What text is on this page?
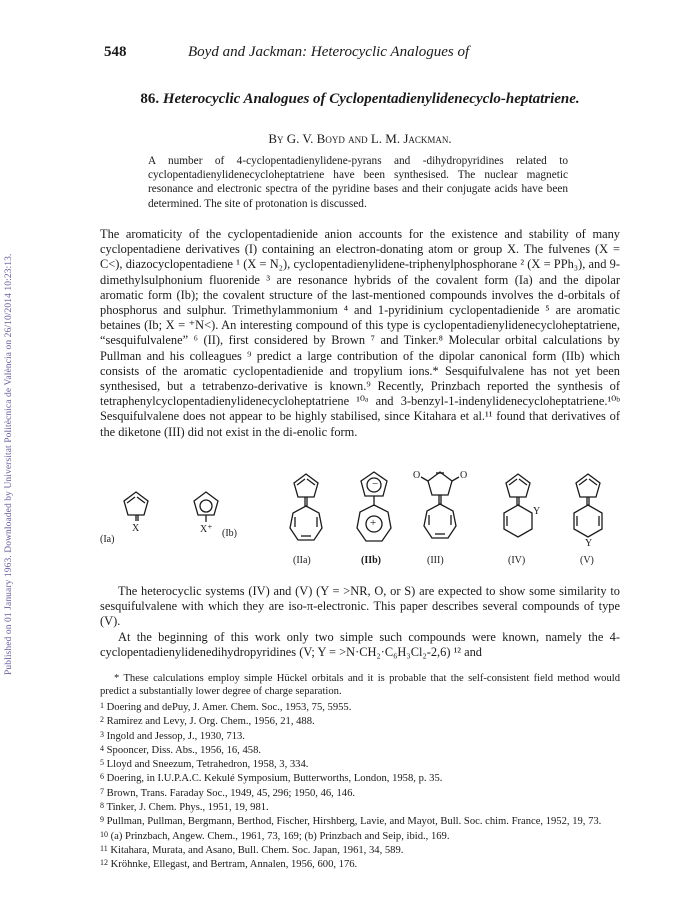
Published on 01 January 1963. Downloaded by Universitat Politècnica de València on 26/10/2014 10:23:13.
548	Boyd and Jackman: Heterocyclic Analogues of
86. Heterocyclic Analogues of Cyclopentadienylidenecyclo-heptatriene.
By G. V. Boyd and L. M. Jackman.
A number of 4-cyclopentadienylidene-pyrans and -dihydropyridines related to cyclopentadienylidenecycloheptatriene have been synthesised. The nuclear magnetic resonance and electronic spectra of the pyridine bases and their conjugate acids have been determined. The site of protonation is discussed.
The aromaticity of the cyclopentadienide anion accounts for the existence and stability of many cyclopentadiene derivatives (I) containing an electron-donating atom or group X. The fulvenes (X = C<), diazocyclopentadiene ¹ (X = N₂), cyclopentadienylidene-triphenylphosphorane ² (X = PPh₃), and 9-dimethylsulphonium fluorenide ³ are resonance hybrids of the covalent form (Ia) and the dipolar aromatic form (Ib); the covalent structure of the last-mentioned compounds involves the d-orbitals of phosphorus and sulphur. Trimethylammonium ⁴ and 1-pyridinium cyclopentadienide ⁵ are aromatic betaines (Ib; X = ⁺N<). An interesting compound of this type is cyclopentadienylidenecycloheptatriene, “sesquifulvalene” ⁶ (II), first considered by Brown ⁷ and Tinker.⁸ Molecular orbital calculations by Pullman and his colleagues ⁹ predict a large contribution of the dipolar canonical form (IIb) which consists of the aromatic cyclopentadienide and tropylium ions.* Sesquifulvalene has not yet been synthesised, but a tetrabenzo-derivative is known.⁹ Recently, Prinzbach reported the synthesis of tetraphenylcyclopentadienylidenecycloheptatriene ¹⁰ᵃ and 3-benzyl-1-indenylidenecycloheptatriene.¹⁰ᵇ Sesquifulvalene does not appear to be highly stabilised, since Kitahara et al.¹¹ found that derivatives of the diketone (III) did not exist in the di-enolic form.
(Ia)
X	X⁺ (Ib)
−
+
O	O
Y
Y
(IIa)	(IIb)	(III)	(IV)	(V)
The heterocyclic systems (IV) and (V) (Y = >NR, O, or S) are expected to show some similarity to sesquifulvalene with which they are iso-π-electronic. This paper describes several compounds of type (V).
At the beginning of this work only two simple such compounds were known, namely the 4-cyclopentadienylidenedihydropyridines (V; Y = >N·CH₂·C₆H₃Cl₂-2,6) ¹² and
* These calculations employ simple Hückel orbitals and it is probable that the self-consistent field method would predict a substantially lower degree of charge separation.
1 Doering and dePuy, J. Amer. Chem. Soc., 1953, 75, 5955.
2 Ramirez and Levy, J. Org. Chem., 1956, 21, 488.
3 Ingold and Jessop, J., 1930, 713.
4 Spooncer, Diss. Abs., 1956, 16, 458.
5 Lloyd and Sneezum, Tetrahedron, 1958, 3, 334.
6 Doering, in I.U.P.A.C. Kekulé Symposium, Butterworths, London, 1958, p. 35.
7 Brown, Trans. Faraday Soc., 1949, 45, 296; 1950, 46, 146.
8 Tinker, J. Chem. Phys., 1951, 19, 981.
9 Pullman, Pullman, Bergmann, Berthod, Fischer, Hirshberg, Lavie, and Mayot, Bull. Soc. chim. France, 1952, 19, 73.
10 (a) Prinzbach, Angew. Chem., 1961, 73, 169; (b) Prinzbach and Seip, ibid., 169.
11 Kitahara, Murata, and Asano, Bull. Chem. Soc. Japan, 1961, 34, 589.
12 Kröhnke, Ellegast, and Bertram, Annalen, 1956, 600, 176.
